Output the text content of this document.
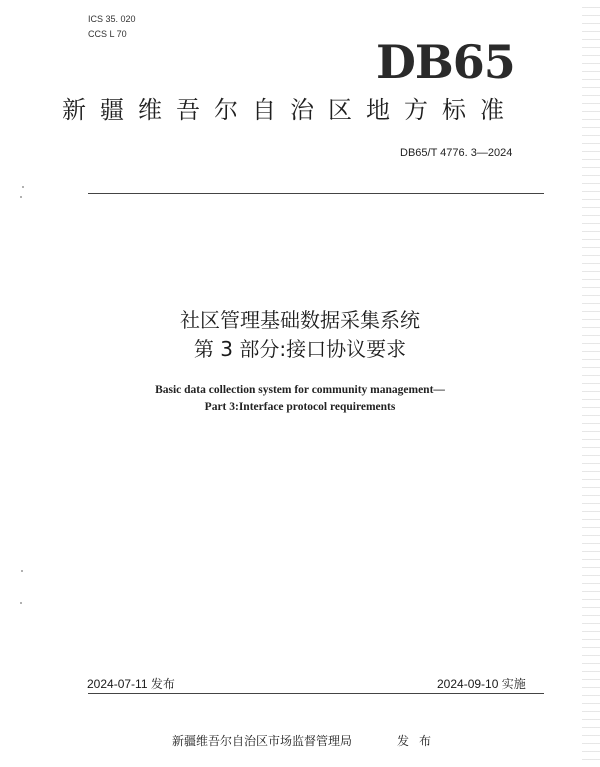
ICS 35. 020
CCS L 70
DB65
新疆维吾尔自治区地方标准
DB65/T 4776. 3—2024
社区管理基础数据采集系统
第 3 部分:接口协议要求
Basic data collection system for community management—
Part 3:Interface protocol requirements
2024-07-11 发布	2024-09-10 实施
新疆维吾尔自治区市场监督管理局	发布
